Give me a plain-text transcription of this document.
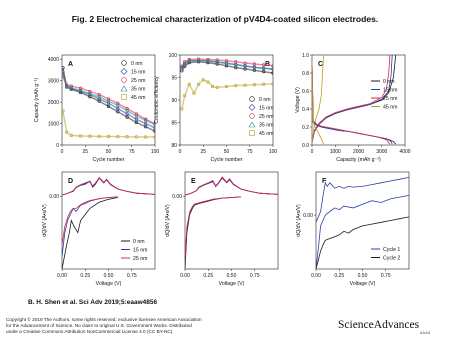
Fig. 2 Electrochemical characterization of pV4D4-coated silicon electrodes.
0	25	50	75	100
0
1000
2000
3000
4000
Cycle number
Capacity (mAh g⁻¹)
A	0 nm
15 nm
25 nm
35 nm
45 nm
0	25	50	75	100
80
85
90
95
100
Cycle number
Coulombic efficiency
B
0 nm
15 nm
25 nm
35 nm
45 nm
0	1000 2000 3000 4000
0.0
0.2
0.4
0.6
0.8
1.0
Capacity (mAh g⁻¹)
Voltage (V)
C
0 nm
15 nm
25 nm
45 nm
0.00	0.25	0.50	0.75
0.00
Voltage (V)
dQ/dV (A•s/V)
D
0 nm
15 nm
25 nm
0.00	0.25	0.50	0.75
0.00
Voltage (V)
dQ/dV (A•s/V)
E
0.00	0.25	0.50	0.75
0.00
Voltage (V)
dQ/dV (A•s/V)
F
Cycle 1
Cycle 2
B. H. Shen et al. Sci Adv 2019;5:eaaw4856
Copyright © 2019 The Authors, some rights reserved; exclusive licensee American Association
for the Advancement of Science. No claim to original U.S. Government Works. Distributed
under a Creative Commons Attribution NonCommercial License 4.0 (CC BY-NC).
ScienceAdvances
AAAS
